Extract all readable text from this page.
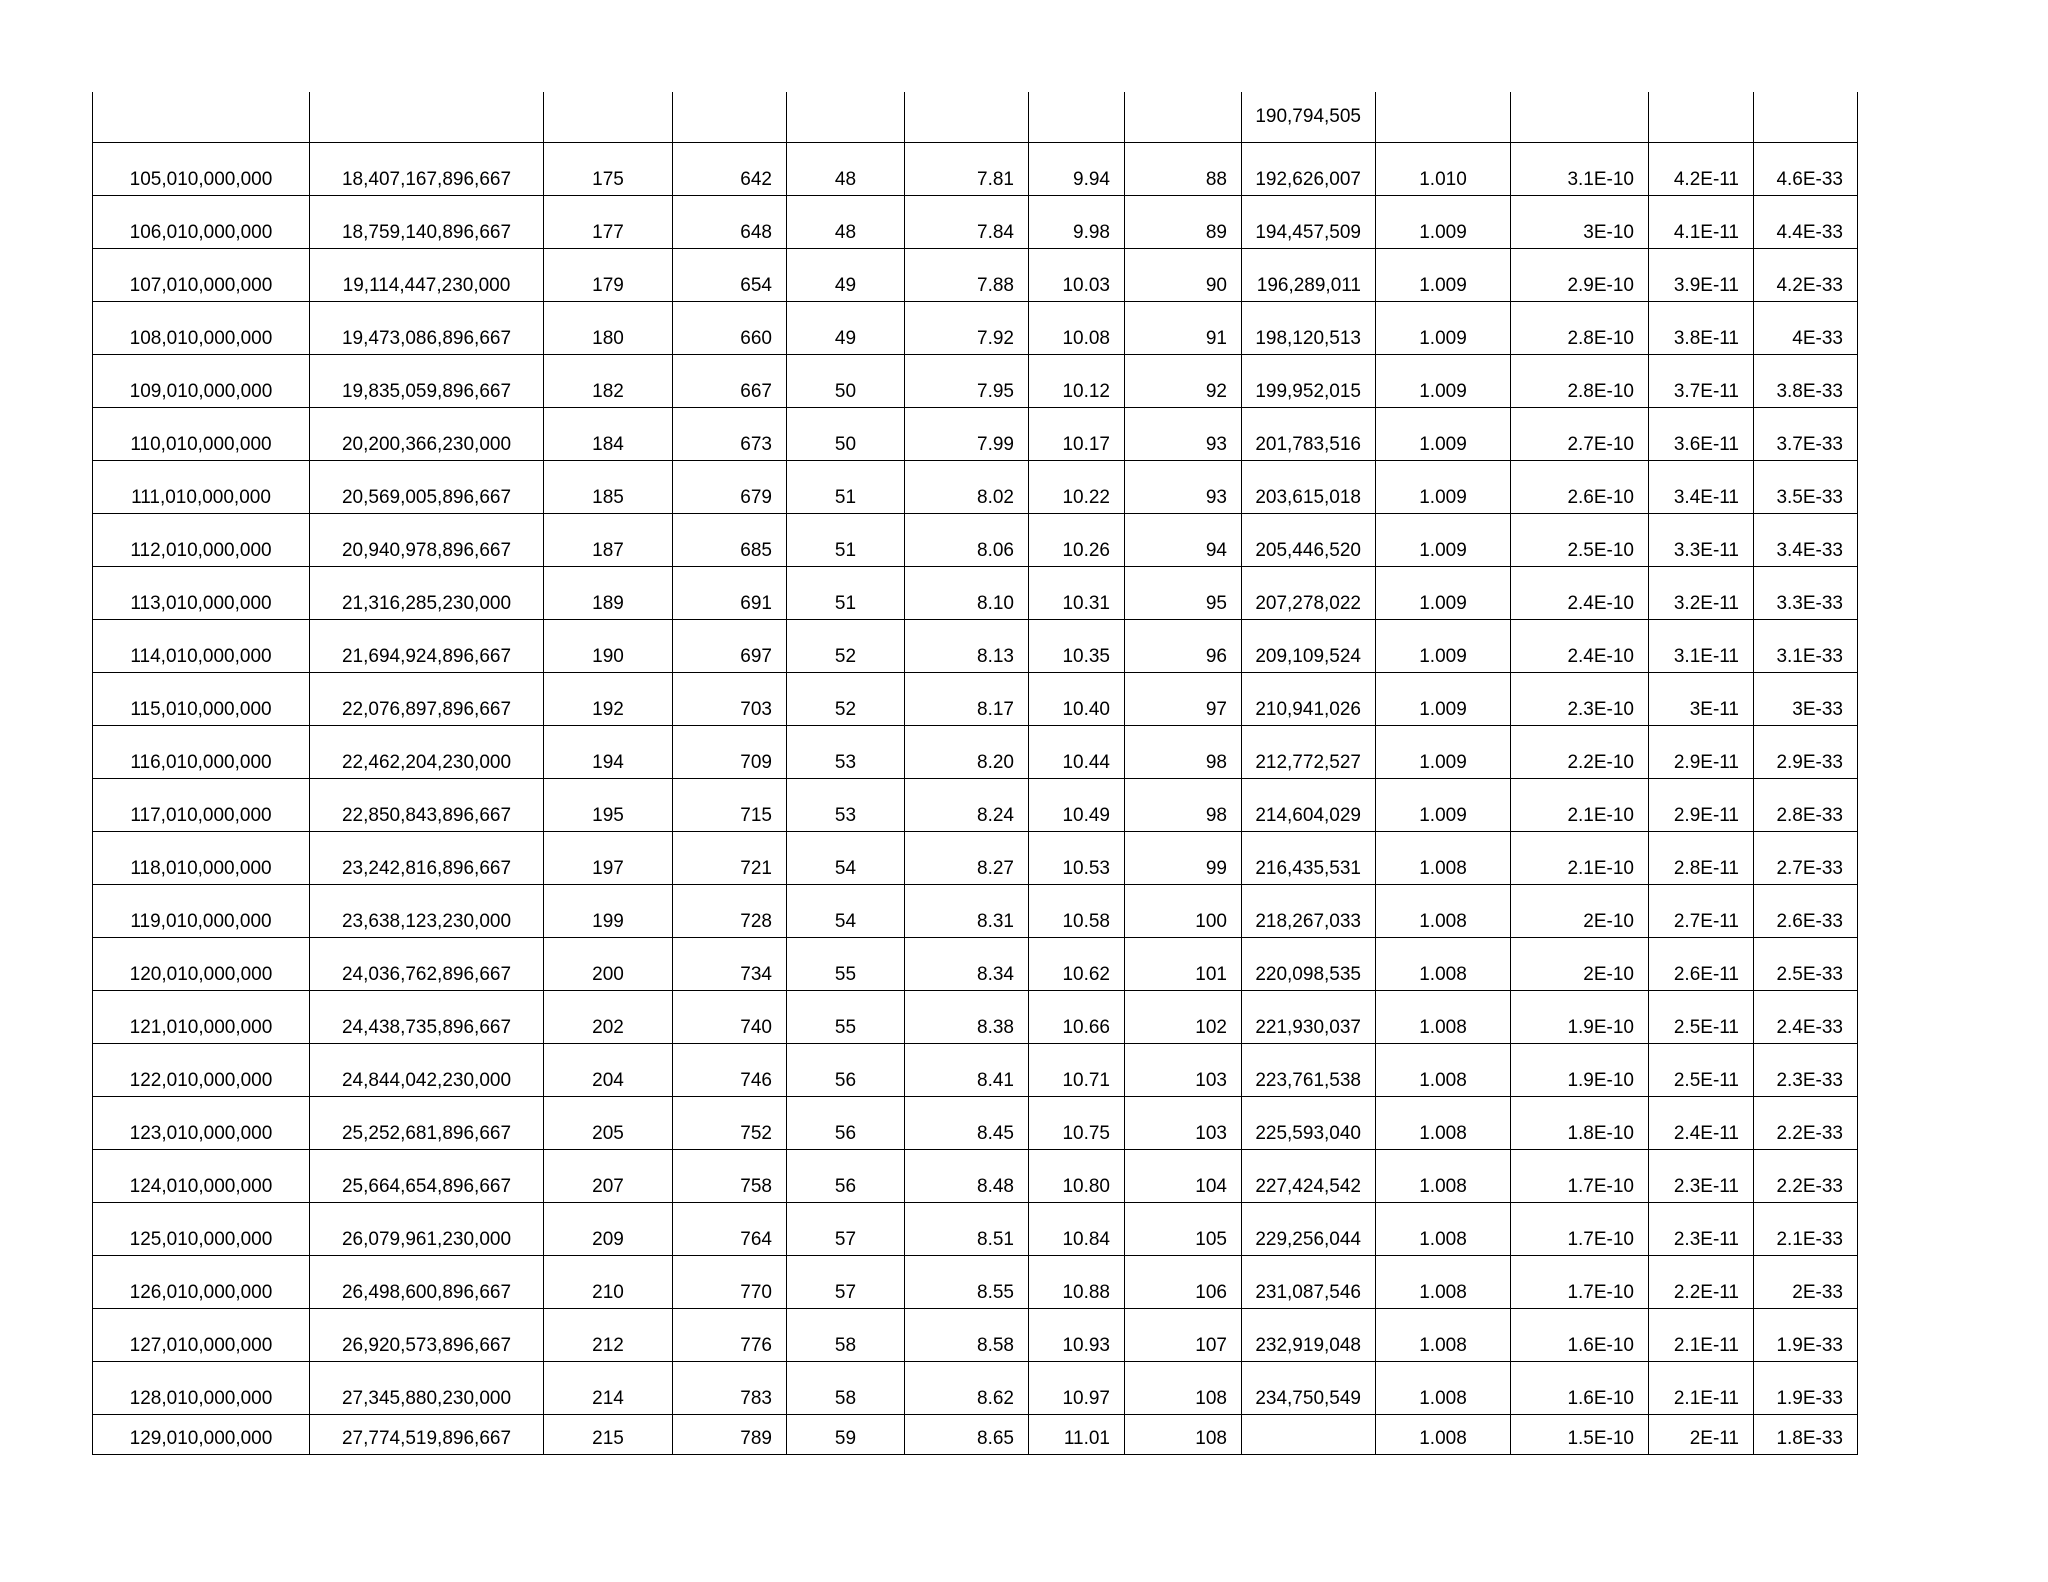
								190,794,505				
105,010,000,000	18,407,167,896,667	175	642	48	7.81	9.94	88	192,626,007	1.010	3.1E-10	4.2E-11	4.6E-33
106,010,000,000	18,759,140,896,667	177	648	48	7.84	9.98	89	194,457,509	1.009	3E-10	4.1E-11	4.4E-33
107,010,000,000	19,114,447,230,000	179	654	49	7.88	10.03	90	196,289,011	1.009	2.9E-10	3.9E-11	4.2E-33
108,010,000,000	19,473,086,896,667	180	660	49	7.92	10.08	91	198,120,513	1.009	2.8E-10	3.8E-11	4E-33
109,010,000,000	19,835,059,896,667	182	667	50	7.95	10.12	92	199,952,015	1.009	2.8E-10	3.7E-11	3.8E-33
110,010,000,000	20,200,366,230,000	184	673	50	7.99	10.17	93	201,783,516	1.009	2.7E-10	3.6E-11	3.7E-33
111,010,000,000	20,569,005,896,667	185	679	51	8.02	10.22	93	203,615,018	1.009	2.6E-10	3.4E-11	3.5E-33
112,010,000,000	20,940,978,896,667	187	685	51	8.06	10.26	94	205,446,520	1.009	2.5E-10	3.3E-11	3.4E-33
113,010,000,000	21,316,285,230,000	189	691	51	8.10	10.31	95	207,278,022	1.009	2.4E-10	3.2E-11	3.3E-33
114,010,000,000	21,694,924,896,667	190	697	52	8.13	10.35	96	209,109,524	1.009	2.4E-10	3.1E-11	3.1E-33
115,010,000,000	22,076,897,896,667	192	703	52	8.17	10.40	97	210,941,026	1.009	2.3E-10	3E-11	3E-33
116,010,000,000	22,462,204,230,000	194	709	53	8.20	10.44	98	212,772,527	1.009	2.2E-10	2.9E-11	2.9E-33
117,010,000,000	22,850,843,896,667	195	715	53	8.24	10.49	98	214,604,029	1.009	2.1E-10	2.9E-11	2.8E-33
118,010,000,000	23,242,816,896,667	197	721	54	8.27	10.53	99	216,435,531	1.008	2.1E-10	2.8E-11	2.7E-33
119,010,000,000	23,638,123,230,000	199	728	54	8.31	10.58	100	218,267,033	1.008	2E-10	2.7E-11	2.6E-33
120,010,000,000	24,036,762,896,667	200	734	55	8.34	10.62	101	220,098,535	1.008	2E-10	2.6E-11	2.5E-33
121,010,000,000	24,438,735,896,667	202	740	55	8.38	10.66	102	221,930,037	1.008	1.9E-10	2.5E-11	2.4E-33
122,010,000,000	24,844,042,230,000	204	746	56	8.41	10.71	103	223,761,538	1.008	1.9E-10	2.5E-11	2.3E-33
123,010,000,000	25,252,681,896,667	205	752	56	8.45	10.75	103	225,593,040	1.008	1.8E-10	2.4E-11	2.2E-33
124,010,000,000	25,664,654,896,667	207	758	56	8.48	10.80	104	227,424,542	1.008	1.7E-10	2.3E-11	2.2E-33
125,010,000,000	26,079,961,230,000	209	764	57	8.51	10.84	105	229,256,044	1.008	1.7E-10	2.3E-11	2.1E-33
126,010,000,000	26,498,600,896,667	210	770	57	8.55	10.88	106	231,087,546	1.008	1.7E-10	2.2E-11	2E-33
127,010,000,000	26,920,573,896,667	212	776	58	8.58	10.93	107	232,919,048	1.008	1.6E-10	2.1E-11	1.9E-33
128,010,000,000	27,345,880,230,000	214	783	58	8.62	10.97	108	234,750,549	1.008	1.6E-10	2.1E-11	1.9E-33
129,010,000,000	27,774,519,896,667	215	789	59	8.65	11.01	108		1.008	1.5E-10	2E-11	1.8E-33
